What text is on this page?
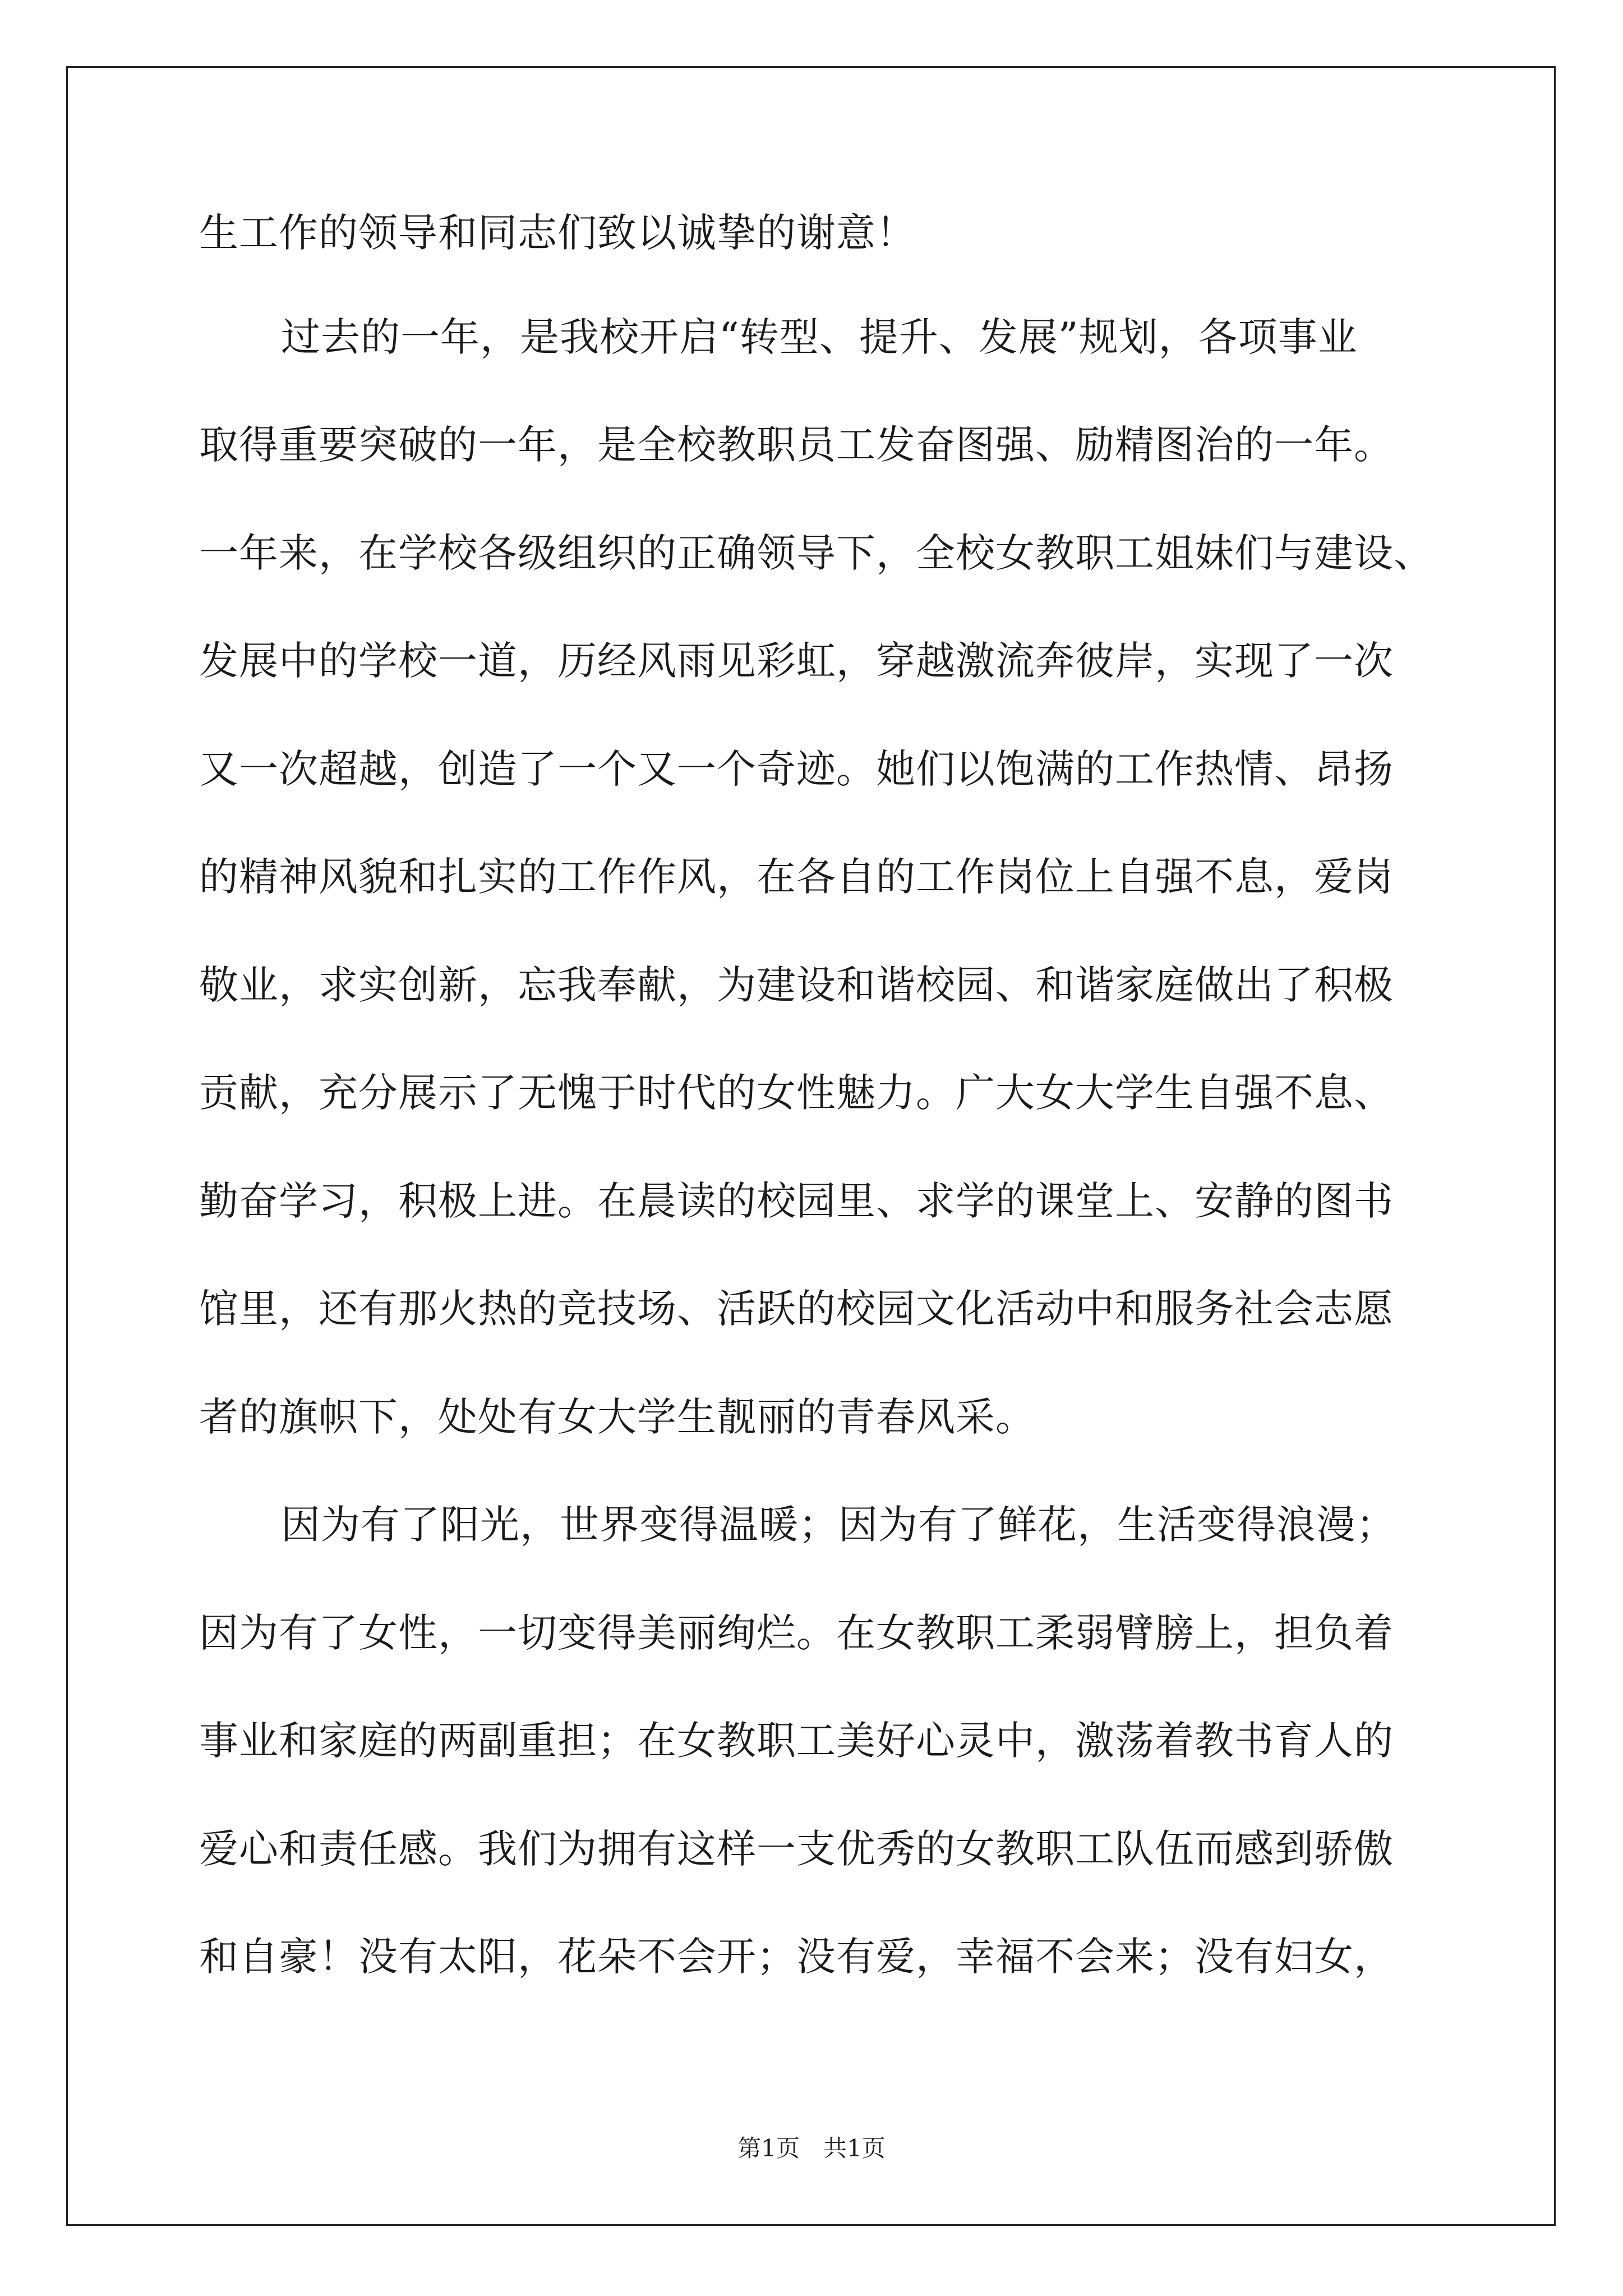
生工作的领导和同志们致以诚挚的谢意！
过去的一年，是我校开启“转型、提升、发展”规划，各项事业
取得重要突破的一年，是全校教职员工发奋图强、励精图治的一年。
一年来，在学校各级组织的正确领导下，全校女教职工姐妹们与建设、
发展中的学校一道，历经风雨见彩虹，穿越激流奔彼岸，实现了一次
又一次超越，创造了一个又一个奇迹。她们以饱满的工作热情、昂扬
的精神风貌和扎实的工作作风，在各自的工作岗位上自强不息，爱岗
敬业，求实创新，忘我奉献，为建设和谐校园、和谐家庭做出了积极
贡献，充分展示了无愧于时代的女性魅力。广大女大学生自强不息、
勤奋学习，积极上进。在晨读的校园里、求学的课堂上、安静的图书
馆里，还有那火热的竞技场、活跃的校园文化活动中和服务社会志愿
者的旗帜下，处处有女大学生靓丽的青春风采。
因为有了阳光，世界变得温暖；因为有了鲜花，生活变得浪漫；
因为有了女性，一切变得美丽绚烂。在女教职工柔弱臂膀上，担负着
事业和家庭的两副重担；在女教职工美好心灵中，激荡着教书育人的
爱心和责任感。我们为拥有这样一支优秀的女教职工队伍而感到骄傲
和自豪！没有太阳，花朵不会开；没有爱，幸福不会来；没有妇女，
第1页　共1页
